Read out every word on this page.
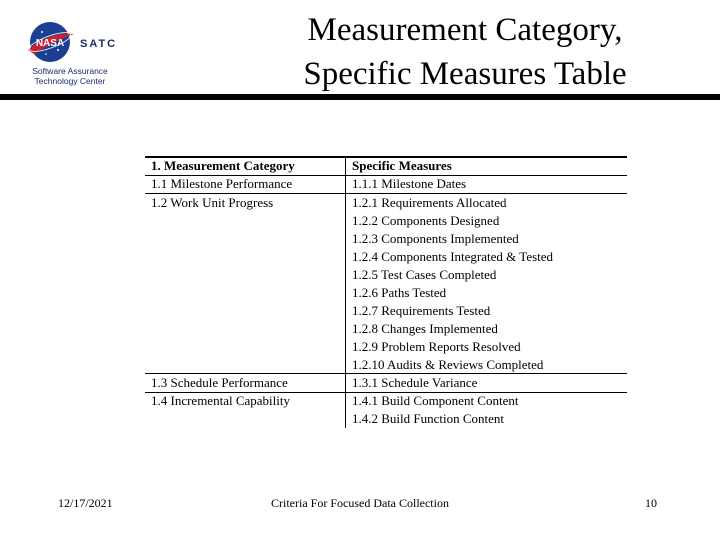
NASA SATC
Software Assurance
Technology Center
Measurement Category,
Specific Measures Table
1. Measurement Category	Specific Measures
1.1 Milestone Performance	1.1.1 Milestone Dates
1.2 Work Unit Progress	1.2.1 Requirements Allocated
1.2.2 Components Designed
1.2.3 Components Implemented
1.2.4 Components Integrated & Tested
1.2.5 Test Cases Completed
1.2.6 Paths Tested
1.2.7 Requirements Tested
1.2.8 Changes Implemented
1.2.9 Problem Reports Resolved
1.2.10 Audits & Reviews Completed
1.3 Schedule Performance	1.3.1 Schedule Variance
1.4 Incremental Capability	1.4.1 Build Component Content
1.4.2 Build Function Content
12/17/2021	Criteria For Focused Data Collection	10
